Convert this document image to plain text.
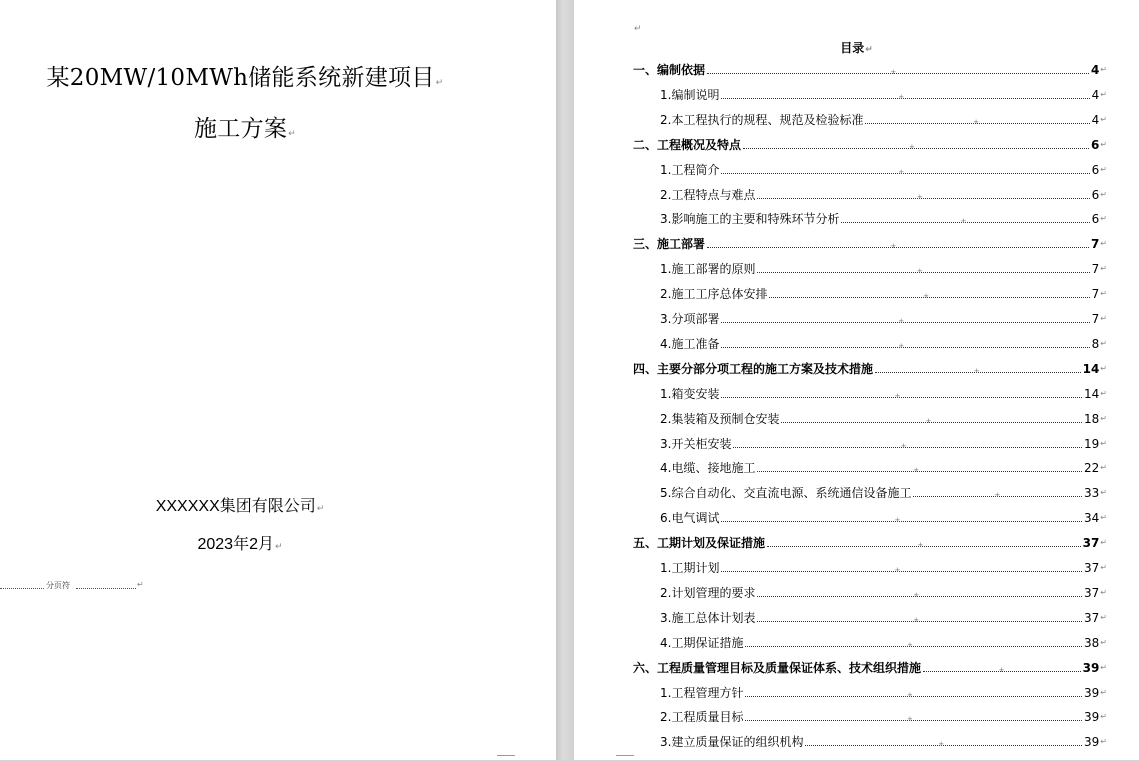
某20MW/10MWh储能系统新建项目↵
施工方案↵
XXXXXX集团有限公司↵
2023年2月↵
分页符	↵
↵
目录↵
一、编制依据 +	4 ↵
1.编制说明 +	4 ↵
2.本工程执行的规程、规范及检验标准 +	4 ↵
二、工程概况及特点 +	6 ↵
1.工程简介 +	6 ↵
2.工程特点与难点 +	6 ↵
3.影响施工的主要和特殊环节分析 +	6 ↵
三、施工部署 +	7 ↵
1.施工部署的原则 +	7 ↵
2.施工工序总体安排 +	7 ↵
3.分项部署 +	7 ↵
4.施工准备 +	8 ↵
四、主要分部分项工程的施工方案及技术措施 +	14 ↵
1.箱变安装 +	14 ↵
2.集装箱及预制仓安装 +	18 ↵
3.开关柜安装 +	19 ↵
4.电缆、接地施工 +	22 ↵
5.综合自动化、交直流电源、系统通信设备施工 +	33 ↵
6.电气调试 +	34 ↵
五、工期计划及保证措施 +	37 ↵
1.工期计划 +	37 ↵
2.计划管理的要求 +	37 ↵
3.施工总体计划表 +	37 ↵
4.工期保证措施 +	38 ↵
六、工程质量管理目标及质量保证体系、技术组织措施 +	39 ↵
1.工程管理方针 +	39 ↵
2.工程质量目标 +	39 ↵
3.建立质量保证的组织机构 +	39 ↵
